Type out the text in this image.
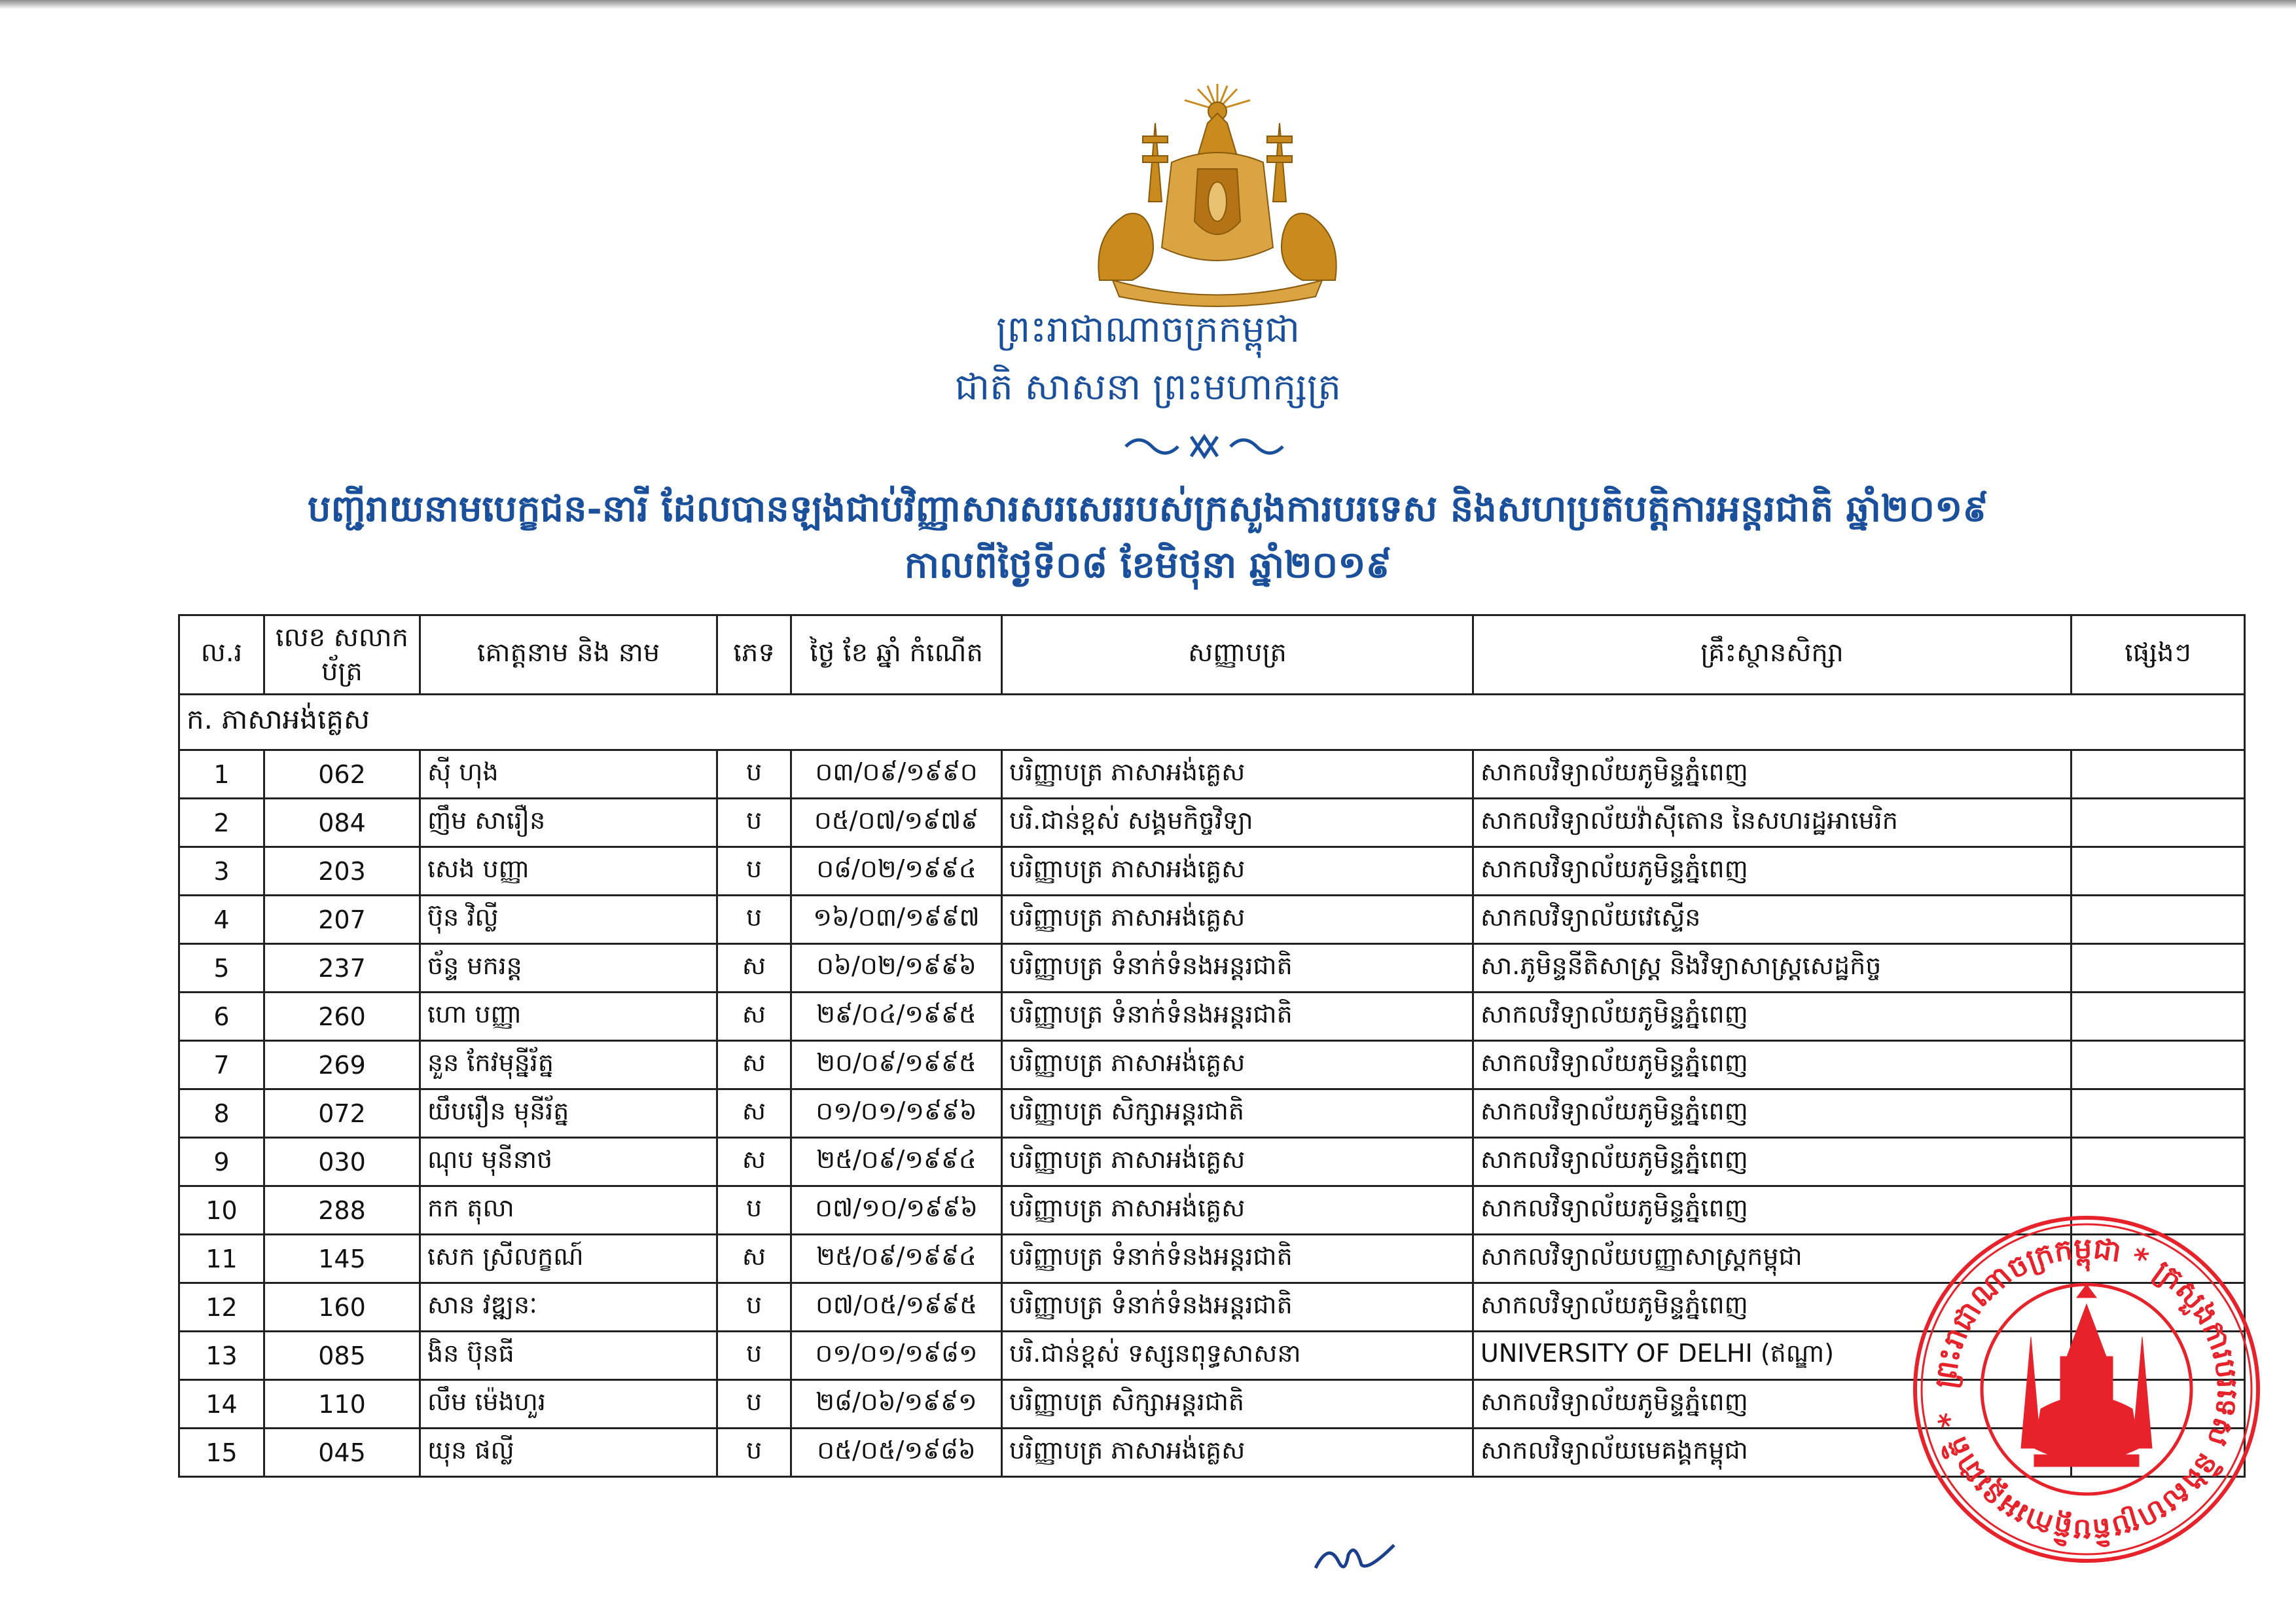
ព្រះរាជាណាចក្រកម្ពុជា
ជាតិ សាសនា ព្រះមហាក្សត្រ
បញ្ជីរាយនាមបេក្ខជន-នារី ដែលបានឡងជាប់វិញ្ញាសារសរសេររបស់ក្រសួងការបរទេស និងសហប្រតិបត្តិការអន្តរជាតិ ឆ្នាំ២០១៩
កាលពីថ្ងៃទី០៨ ខែមិថុនា ឆ្នាំ២០១៩
ល.រ	លេខ សលាកប័ត្រ	គោត្តនាម និង នាម	ភេទ	ថ្ងៃ ខែ ឆ្នាំ កំណើត	សញ្ញាបត្រ	គ្រឹះស្ថានសិក្សា	ផ្សេងៗ
ក. ភាសាអង់គ្លេស							
1	062	ស៊ី ហុង	ប	០៣/០៩/១៩៩០	បរិញ្ញាបត្រ ភាសាអង់គ្លេស	សាកលវិទ្យាល័យភូមិន្ទភ្នំពេញ	
2	084	ញឹម សារឿន	ប	០៥/០៧/១៩៧៩	បរិ.ជាន់ខ្ពស់ សង្គមកិច្ចវិទ្យា	សាកលវិទ្យាល័យវ៉ាស៊ីតោន នៃសហរដ្ឋអាមេរិក	
3	203	សេង បញ្ញា	ប	០៨/០២/១៩៩៤	បរិញ្ញាបត្រ ភាសាអង់គ្លេស	សាកលវិទ្យាល័យភូមិន្ទភ្នំពេញ	
4	207	ប៊ុន វិល្លី	ប	១៦/០៣/១៩៩៧	បរិញ្ញាបត្រ ភាសាអង់គ្លេស	សាកលវិទ្យាល័យវេស្ទើន	
5	237	ច័ន្ទ មករន្ត	ស	០៦/០២/១៩៩៦	បរិញ្ញាបត្រ ទំនាក់ទំនងអន្តរជាតិ	សា.ភូមិន្ទនីតិសាស្ត្រ និងវិទ្យាសាស្ត្រសេដ្ឋកិច្ច	
6	260	ហោ បញ្ញា	ស	២៩/០៤/១៩៩៥	បរិញ្ញាបត្រ ទំនាក់ទំនងអន្តរជាតិ	សាកលវិទ្យាល័យភូមិន្ទភ្នំពេញ	
7	269	នួន កែវមុន្នីរ័ត្ន	ស	២០/០៩/១៩៩៥	បរិញ្ញាបត្រ ភាសាអង់គ្លេស	សាកលវិទ្យាល័យភូមិន្ទភ្នំពេញ	
8	072	យឹបរឿន មុនីរ័ត្ន	ស	០១/០១/១៩៩៦	បរិញ្ញាបត្រ សិក្សាអន្តរជាតិ	សាកលវិទ្យាល័យភូមិន្ទភ្នំពេញ	
9	030	ណុប មុនីនាថ	ស	២៥/០៩/១៩៩៤	បរិញ្ញាបត្រ ភាសាអង់គ្លេស	សាកលវិទ្យាល័យភូមិន្ទភ្នំពេញ	
10	288	កក តុលា	ប	០៧/១០/១៩៩៦	បរិញ្ញាបត្រ ភាសាអង់គ្លេស	សាកលវិទ្យាល័យភូមិន្ទភ្នំពេញ	
11	145	សេក ស្រីលក្ខណ៍	ស	២៥/០៩/១៩៩៤	បរិញ្ញាបត្រ ទំនាក់ទំនងអន្តរជាតិ	សាកលវិទ្យាល័យបញ្ញាសាស្ត្រកម្ពុជា	
12	160	សាន វឌ្ឍនៈ	ប	០៧/០៥/១៩៩៥	បរិញ្ញាបត្រ ទំនាក់ទំនងអន្តរជាតិ	សាកលវិទ្យាល័យភូមិន្ទភ្នំពេញ	
13	085	ងិន ប៊ុនធី	ប	០១/០១/១៩៨១	បរិ.ជាន់ខ្ពស់ ទស្សនពុទ្ធសាសនា	UNIVERSITY OF DELHI (ឥណ្ឌា)	
14	110	លឹម ម៉េងហួរ	ប	២៨/០៦/១៩៩១	បរិញ្ញាបត្រ សិក្សាអន្តរជាតិ	សាកលវិទ្យាល័យភូមិន្ទភ្នំពេញ	
15	045	យុន ផល្លី	ប	០៥/០៥/១៩៨៦	បរិញ្ញាបត្រ ភាសាអង់គ្លេស	សាកលវិទ្យាល័យមេគង្គកម្ពុជា	
ព្រះរាជាណាចក្រកម្ពុជា * ក្រសួងការបរទេស និងសហប្រតិបត្តិការអន្តរជាតិ *
